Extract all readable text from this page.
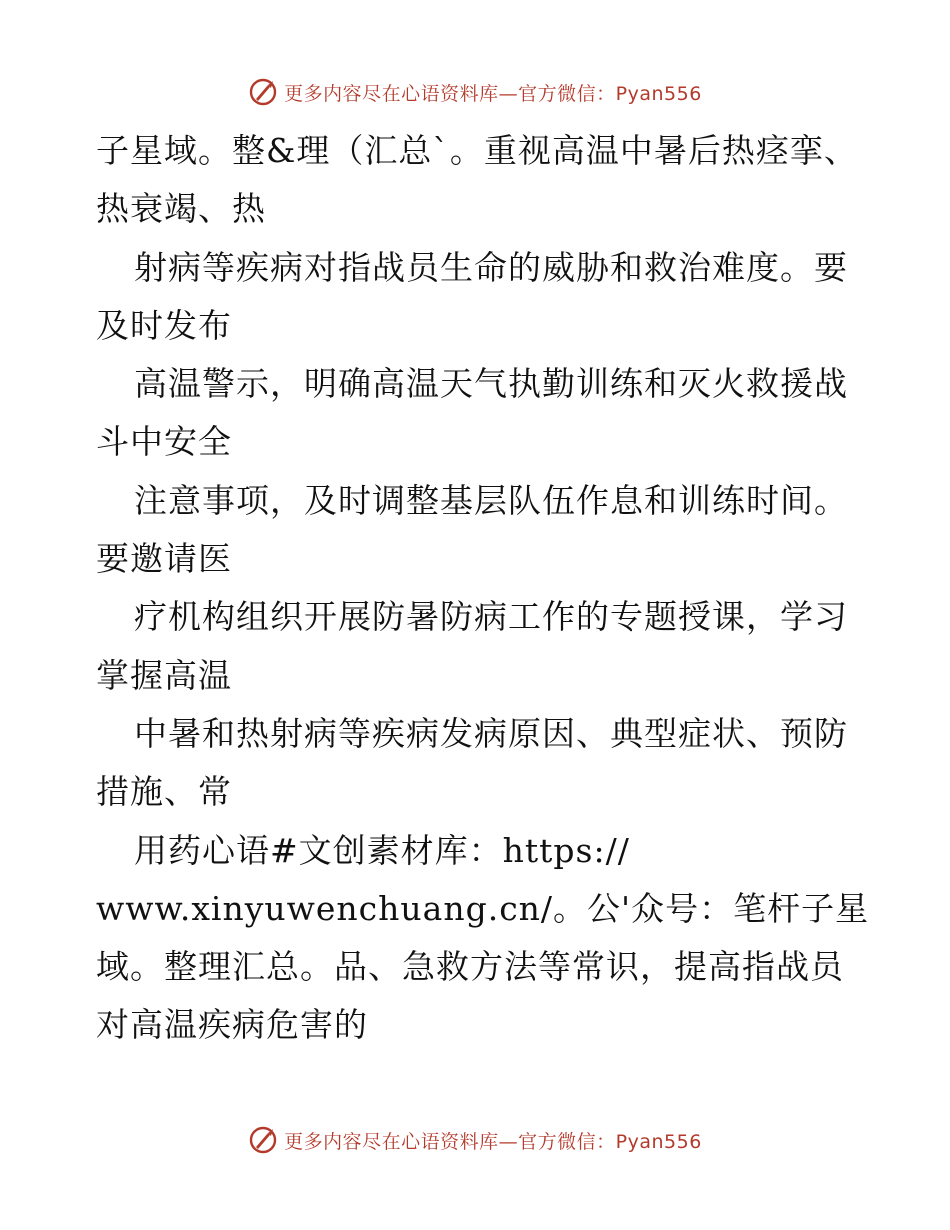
更多内容尽在心语资料库—官方微信：Pyan556
子星域。整&理（汇总`。重视高温中暑后热痉挛、
热衰竭、热
射病等疾病对指战员生命的威胁和救治难度。要
及时发布
高温警示，明确高温天气执勤训练和灭火救援战
斗中安全
注意事项，及时调整基层队伍作息和训练时间。
要邀请医
疗机构组织开展防暑防病工作的专题授课，学习
掌握高温
中暑和热射病等疾病发病原因、典型症状、预防
措施、常
用药心语#文创素材库：https://
www.xinyuwenchuang.cn/。公'众号：笔杆子星
域。整理汇总。品、急救方法等常识，提高指战员
对高温疾病危害的
更多内容尽在心语资料库—官方微信：Pyan556
